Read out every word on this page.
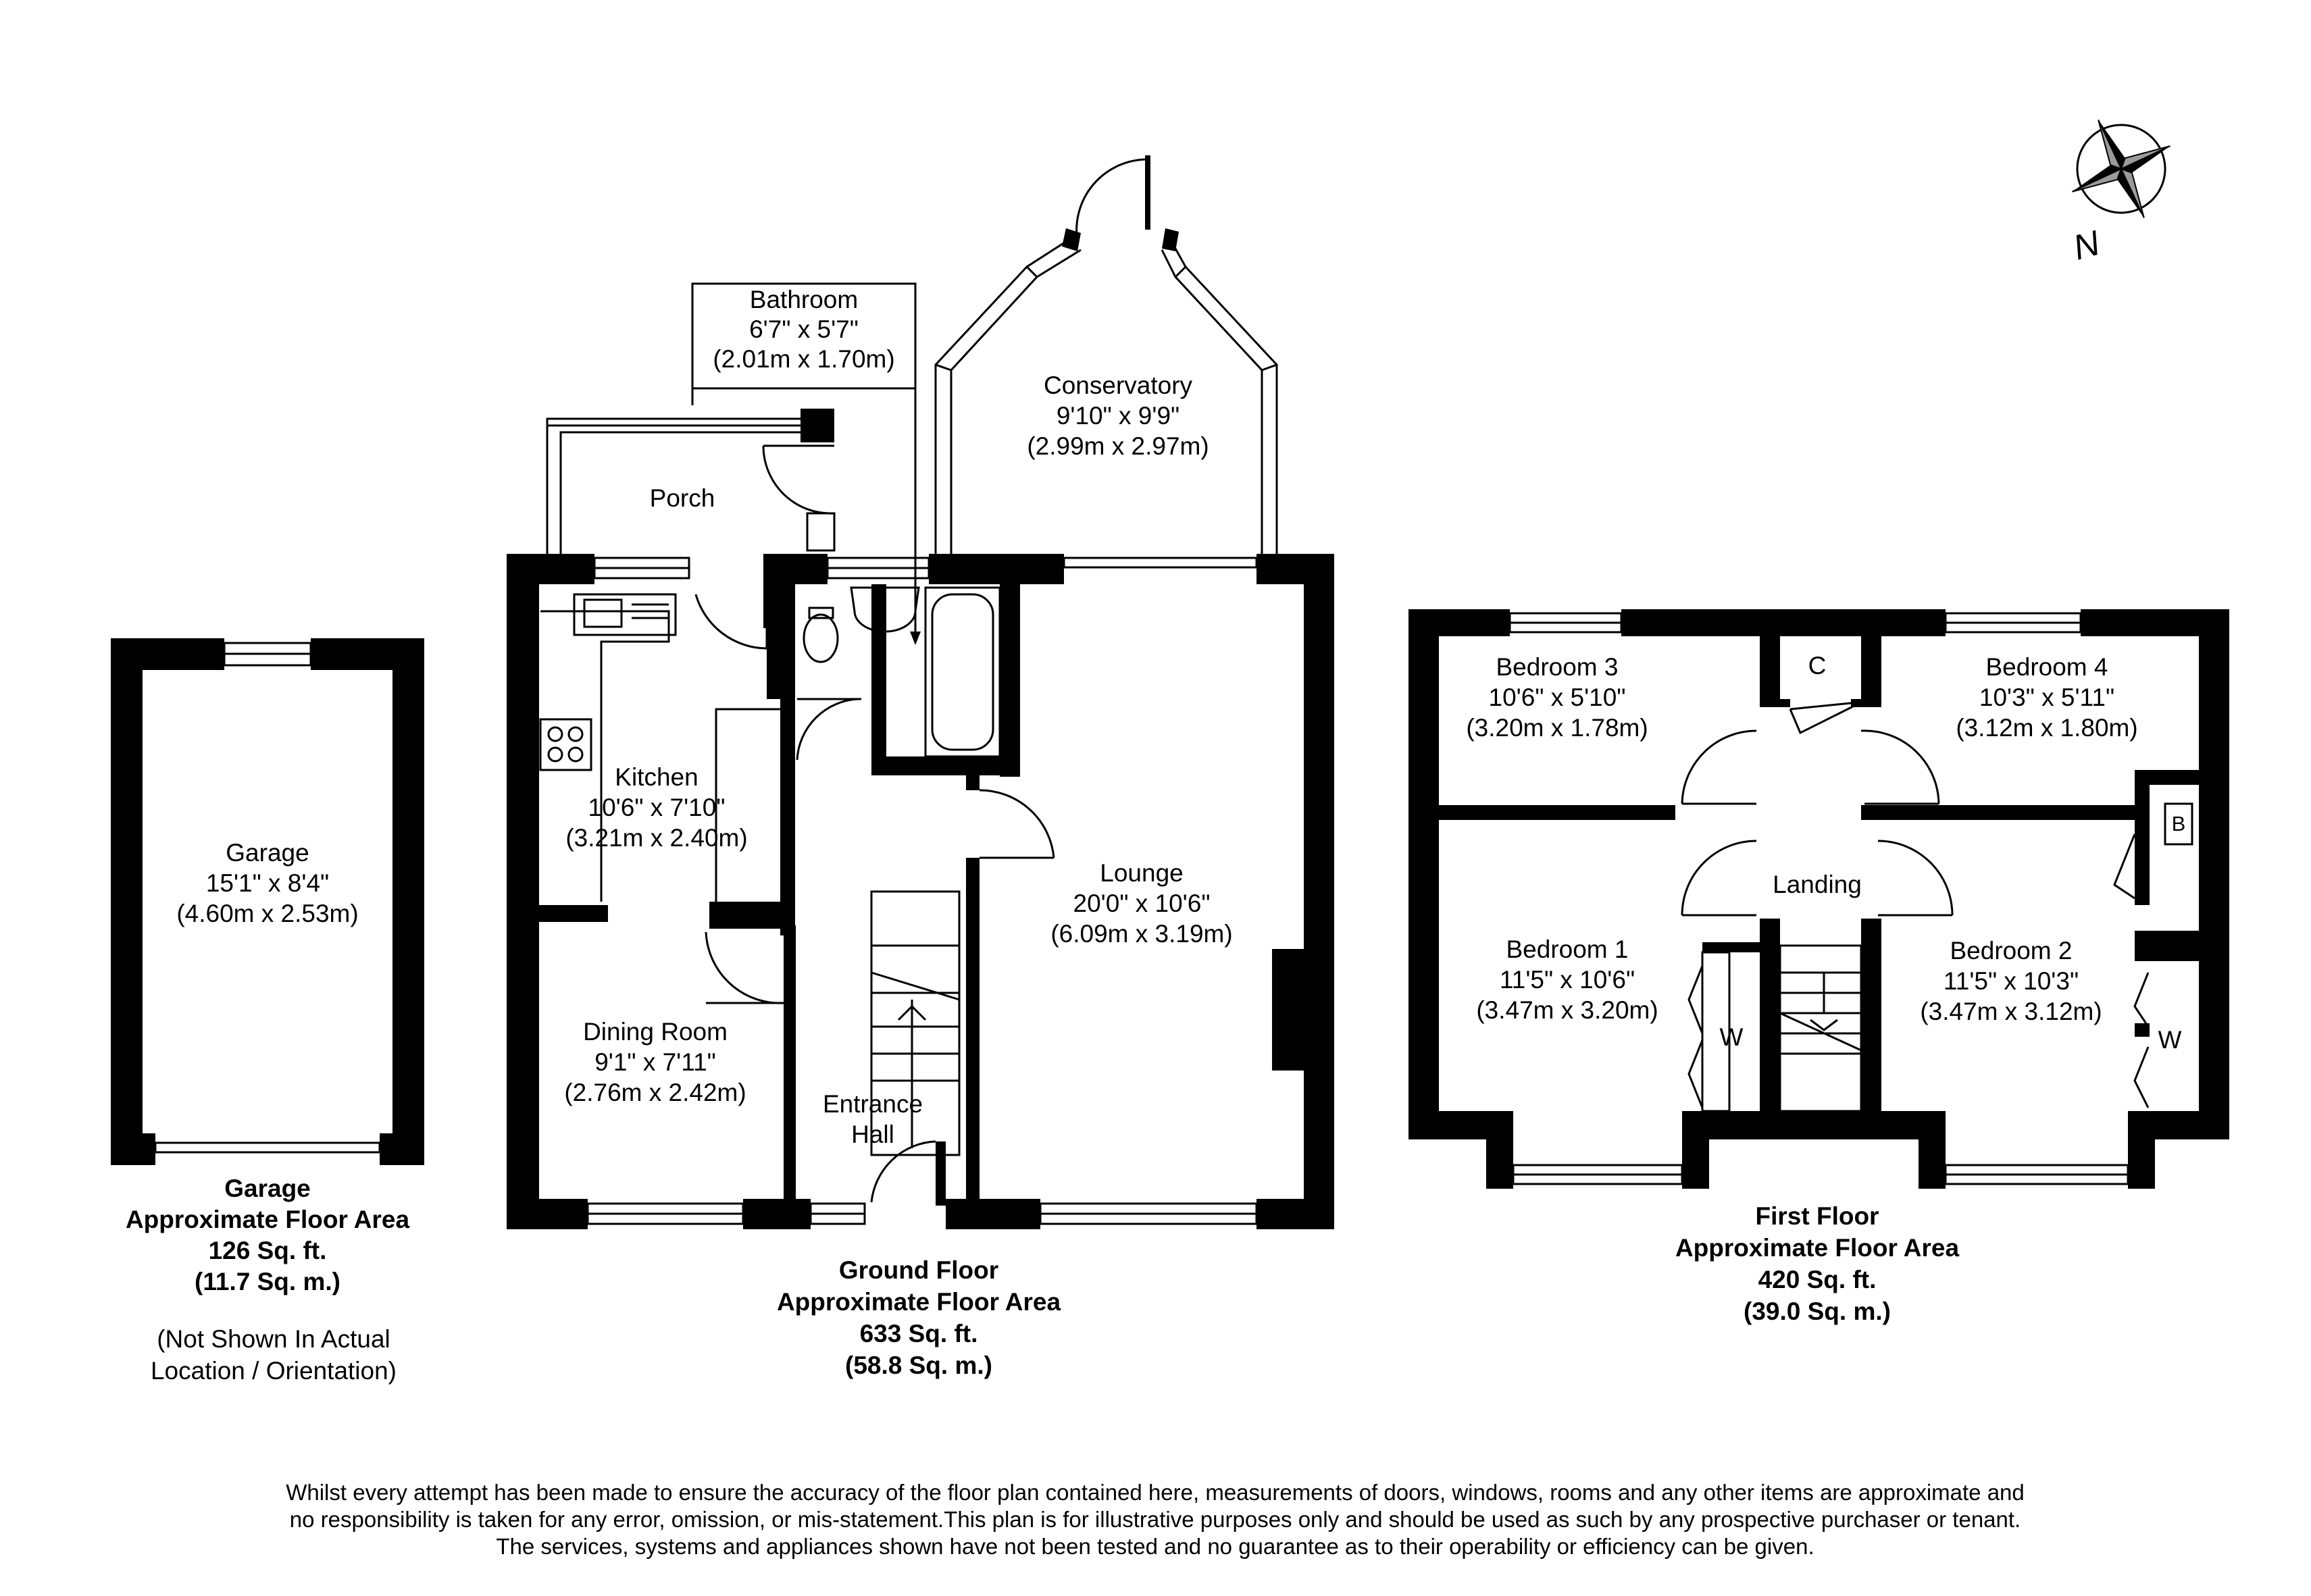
N
Garage
15'1" x 8'4"
(4.60m x 2.53m)
Bathroom
6'7" x 5'7"
(2.01m x 1.70m)
Porch
Conservatory
9'10" x 9'9"
(2.99m x 2.97m)
Kitchen
10'6" x 7'10"
(3.21m x 2.40m)
Lounge
20'0" x 10'6"
(6.09m x 3.19m)
Dining Room
9'1" x 7'11"
(2.76m x 2.42m)	Entrance
Hall
Bedroom 3
10'6" x 5'10"
(3.20m x 1.78m)
C	Bedroom 4
10'3" x 5'11"
(3.12m x 1.80m)
B
Landing
Bedroom 1
11'5" x 10'6"
(3.47m x 3.20m)
W
Bedroom 2
11'5" x 10'3"
(3.47m x 3.12m)
W
Garage
Approximate Floor Area
126 Sq. ft.
(11.7 Sq. m.)
(Not Shown In Actual
Location / Orientation)
Ground Floor
Approximate Floor Area
633 Sq. ft.
(58.8 Sq. m.)
First Floor
Approximate Floor Area
420 Sq. ft.
(39.0 Sq. m.)
Whilst every attempt has been made to ensure the accuracy of the floor plan contained here, measurements of doors, windows, rooms and any other items are approximate and
no responsibility is taken for any error, omission, or mis-statement.This plan is for illustrative purposes only and should be used as such by any prospective purchaser or tenant.
The services, systems and appliances shown have not been tested and no guarantee as to their operability or efficiency can be given.
